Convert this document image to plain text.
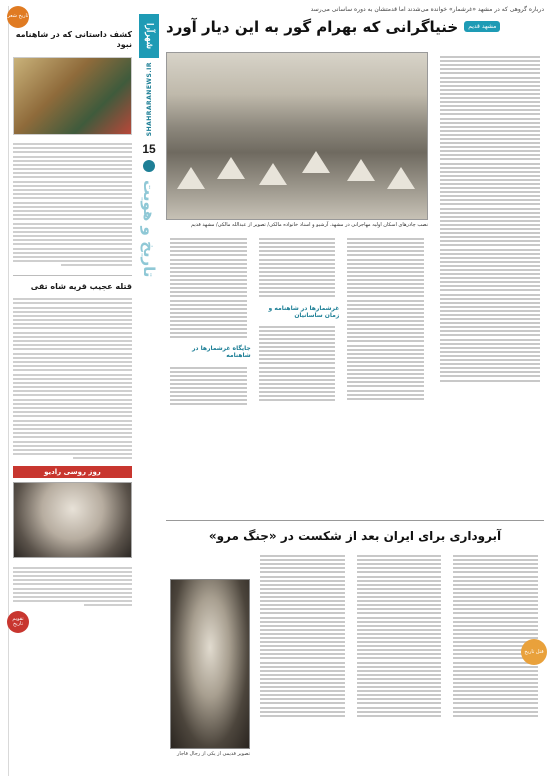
شهرآرا
SHAHRARANEWS.IR
15
تاریخ و هویت
تاریخ شعر
کشف داستانی که در شاهنامه نبود
قتله عجیب قریه شاه تقی
تقویم تاریخ
روز روسی راديو
درباره گروهی که در مشهد «غرشمار» خوانده می‌شدند اما قدمتشان به دوره ساسانی می‌رسد
مشهد قدیم
خنیاگرانی که بهرام گور به این دیار آورد
نصب چادرهای اسکان اولیه مهاجرانی در مشهد. آرشیو و اسناد خانواده مالکی/ تصویر از عبدالله مالکی/ مشهد قدیم
غرشمارها در شاهنامه و زمان ساسانیان
جایگاه غرشمارها در شاهنامه
آبروداری برای ایران بعد از شکست در «جنگ مرو»
تصویر قدیمی از یکی از رجال قاجار
قتل تاریخ
